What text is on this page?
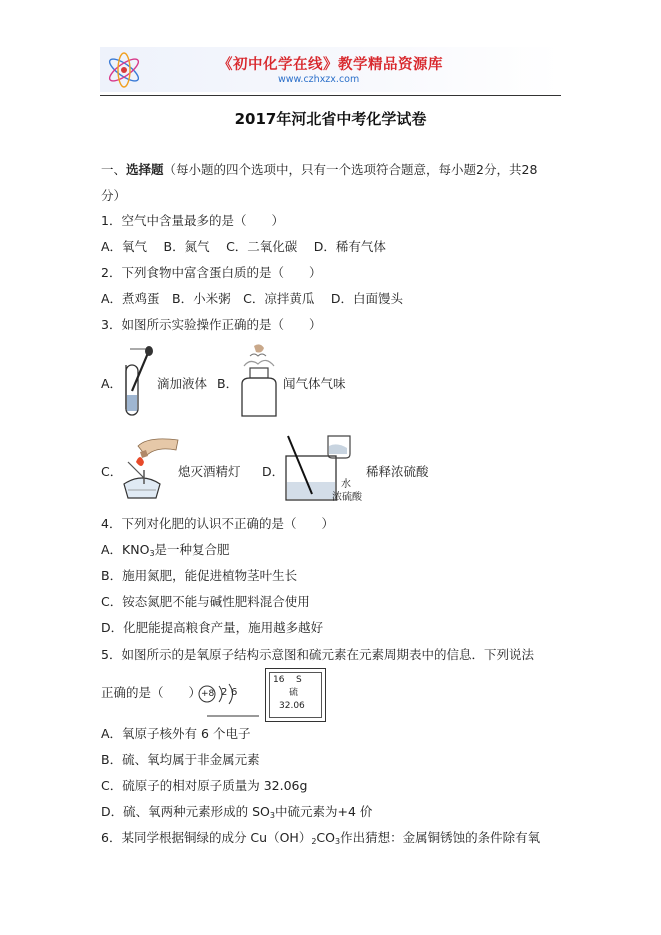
《初中化学在线》教学精品资源库
www.czhxzx.com
2017年河北省中考化学试卷
一、选择题（每小题的四个选项中，只有一个选项符合题意，每小题2分，共28
分）
1．空气中含量最多的是（　　）
A．氧气　 B．氮气　 C．二氧化碳　 D．稀有气体
2．下列食物中富含蛋白质的是（　　）
A．煮鸡蛋　B．小米粥　C．凉拌黄瓜　 D．白面馒头
3．如图所示实验操作正确的是（　　）
A．	滴加液体 B．	闻气体气味
C．	熄灭酒精灯 D．
水
浓硫酸
稀释浓硫酸
4．下列对化肥的认识不正确的是（　　）
A．$KNO_3$是一种复合肥
B．施用氮肥，能促进植物茎叶生长
C．铵态氮肥不能与碱性肥料混合使用
D．化肥能提高粮食产量，施用越多越好
5．如图所示的是氧原子结构示意图和硫元素在元素周期表中的信息．下列说法
正确的是（　　） +8 2 6
16 S
硫
32.06
A．氧原子核外有 6 个电子
B．硫、氧均属于非金属元素
C．硫原子的相对原子质量为 32.06g
D．硫、氧两种元素形成的 $SO_3$中硫元素为+4 价
6．某同学根据铜绿的成分 $Cu(OH)_2CO_3$作出猜想：金属铜锈蚀的条件除有氧
